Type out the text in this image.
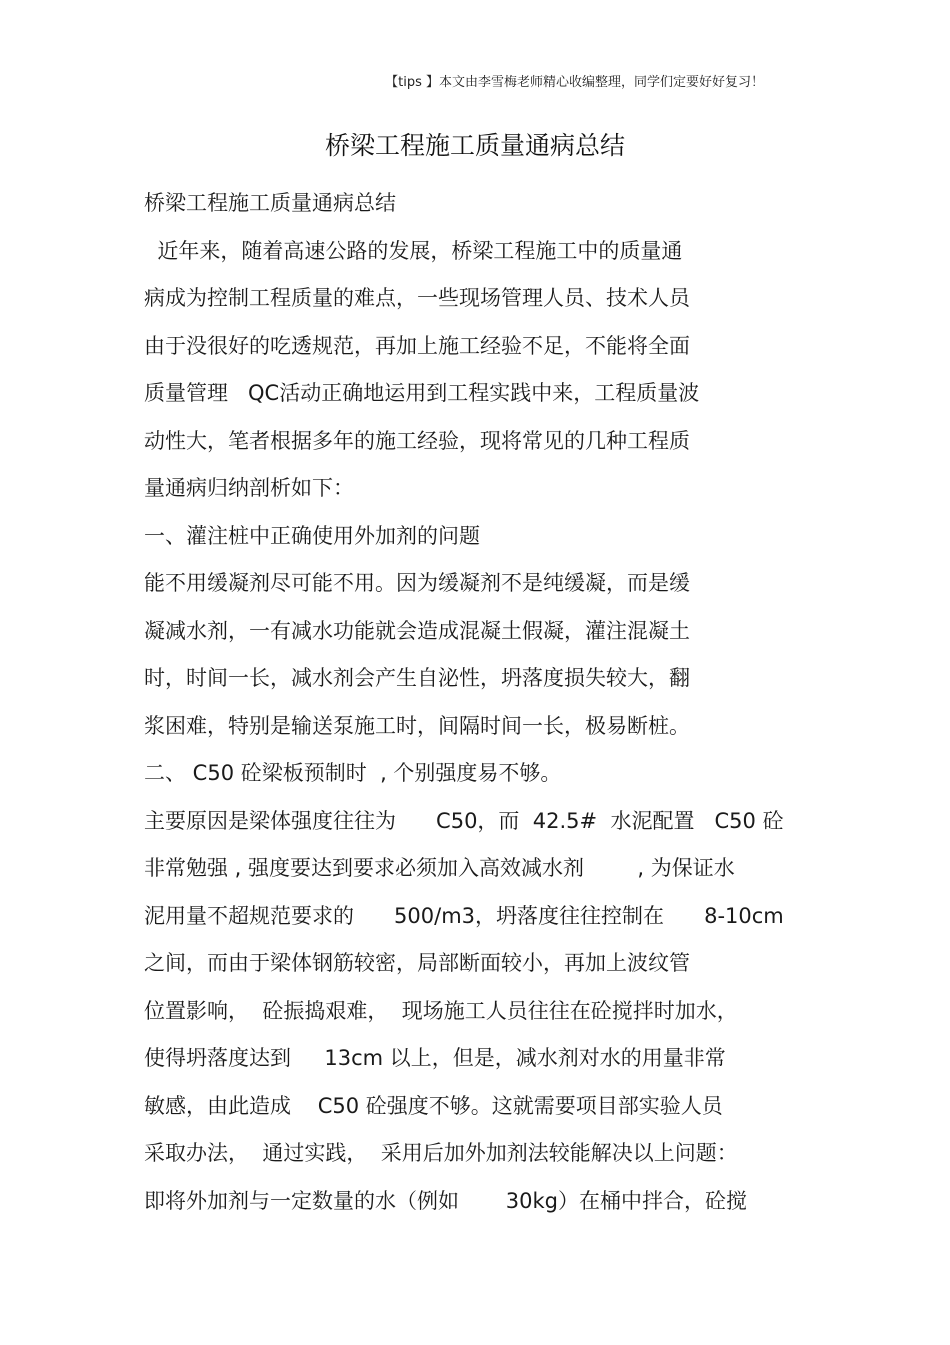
【tips 】本文由李雪梅老师精心收编整理，同学们定要好好复习！
桥梁工程施工质量通病总结
桥梁工程施工质量通病总结
近年来，随着高速公路的发展，桥梁工程施工中的质量通
病成为控制工程质量的难点，一些现场管理人员、技术人员
由于没很好的吃透规范，再加上施工经验不足，不能将全面
质量管理   QC活动正确地运用到工程实践中来，工程质量波
动性大，笔者根据多年的施工经验，现将常见的几种工程质
量通病归纳剖析如下：
一、灌注桩中正确使用外加剂的问题
能不用缓凝剂尽可能不用。因为缓凝剂不是纯缓凝，而是缓
凝减水剂，一有减水功能就会造成混凝土假凝，灌注混凝土
时，时间一长，减水剂会产生自泌性，坍落度损失较大，翻
浆困难，特别是输送泵施工时，间隔时间一长，极易断桩。
二、 C50 砼梁板预制时  , 个别强度易不够。
主要原因是梁体强度往往为      C50，而  42.5#  水泥配置   C50 砼
非常勉强 , 强度要达到要求必须加入高效减水剂        , 为保证水
泥用量不超规范要求的      500/m3，坍落度往往控制在      8-10cm
之间，而由于梁体钢筋较密，局部断面较小，再加上波纹管
位置影响，  砼振捣艰难，  现场施工人员往往在砼搅拌时加水，
使得坍落度达到     13cm 以上，但是，减水剂对水的用量非常
敏感，由此造成    C50 砼强度不够。这就需要项目部实验人员
采取办法，  通过实践，  采用后加外加剂法较能解决以上问题：
即将外加剂与一定数量的水（例如       30kg）在桶中拌合，砼搅
